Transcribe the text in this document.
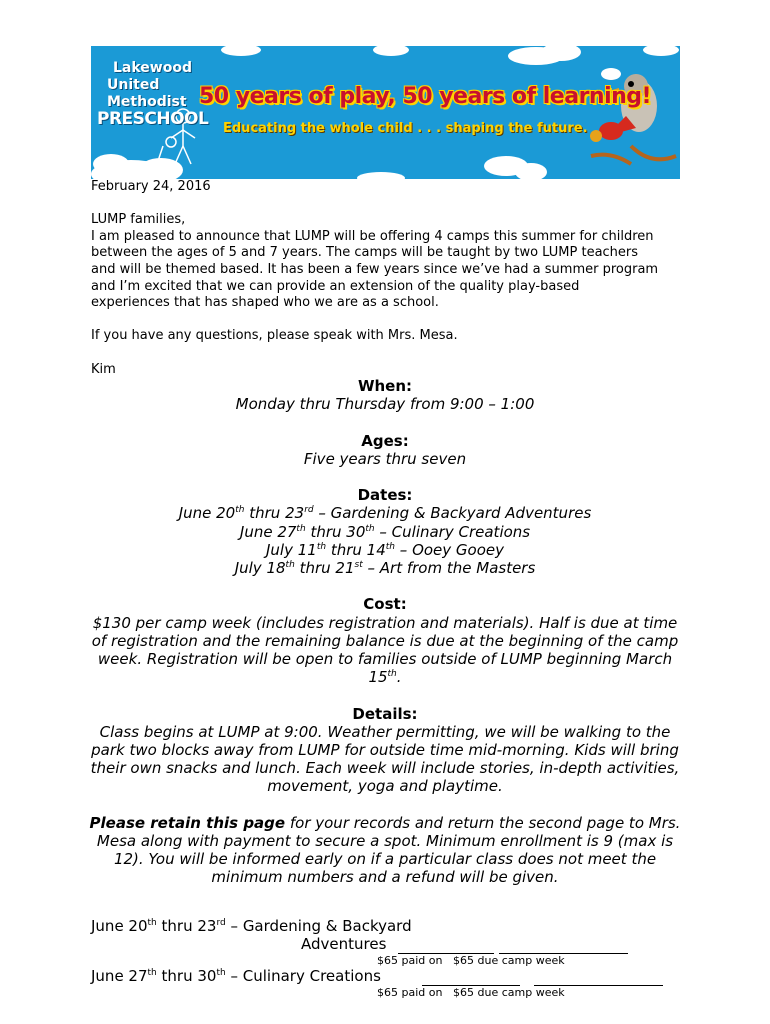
Lakewood
United
Methodist
PRESCHOOL
50 years of play, 50 years of learning!
Educating the whole child . . . shaping the future.

February 24, 2016

LUMP families,

I am pleased to announce that LUMP will be offering 4 camps this summer for children between the ages of 5 and 7 years. The camps will be taught by two LUMP teachers and will be themed based. It has been a few years since we’ve had a summer program and I’m excited that we can provide an extension of the quality play-based experiences that has shaped who we are as a school.

If you have any questions, please speak with Mrs. Mesa.

Kim

When:
Monday thru Thursday from 9:00 – 1:00
Ages:
Five years thru seven
Dates:
June 20th thru 23rd – Gardening & Backyard Adventures
June 27th thru 30th – Culinary Creations
July 11th thru 14th – Ooey Gooey
July 18th thru 21st – Art from the Masters
Cost:
$130 per camp week (includes registration and materials). Half is due at time of registration and the remaining balance is due at the beginning of the camp week. Registration will be open to families outside of LUMP beginning March 15th.
Details:
Class begins at LUMP at 9:00. Weather permitting, we will be walking to the park two blocks away from LUMP for outside time mid-morning. Kids will bring their own snacks and lunch. Each week will include stories, in-depth activities, movement, yoga and playtime.
Please retain this page for your records and return the second page to Mrs. Mesa along with payment to secure a spot. Minimum enrollment is 9 (max is 12). You will be informed early on if a particular class does not meet the minimum numbers and a refund will be given.
June 20th thru 23rd – Gardening & Backyard
Adventures
$65 paid on $65 due camp week
June 27th thru 30th – Culinary Creations
$65 paid on $65 due camp week
